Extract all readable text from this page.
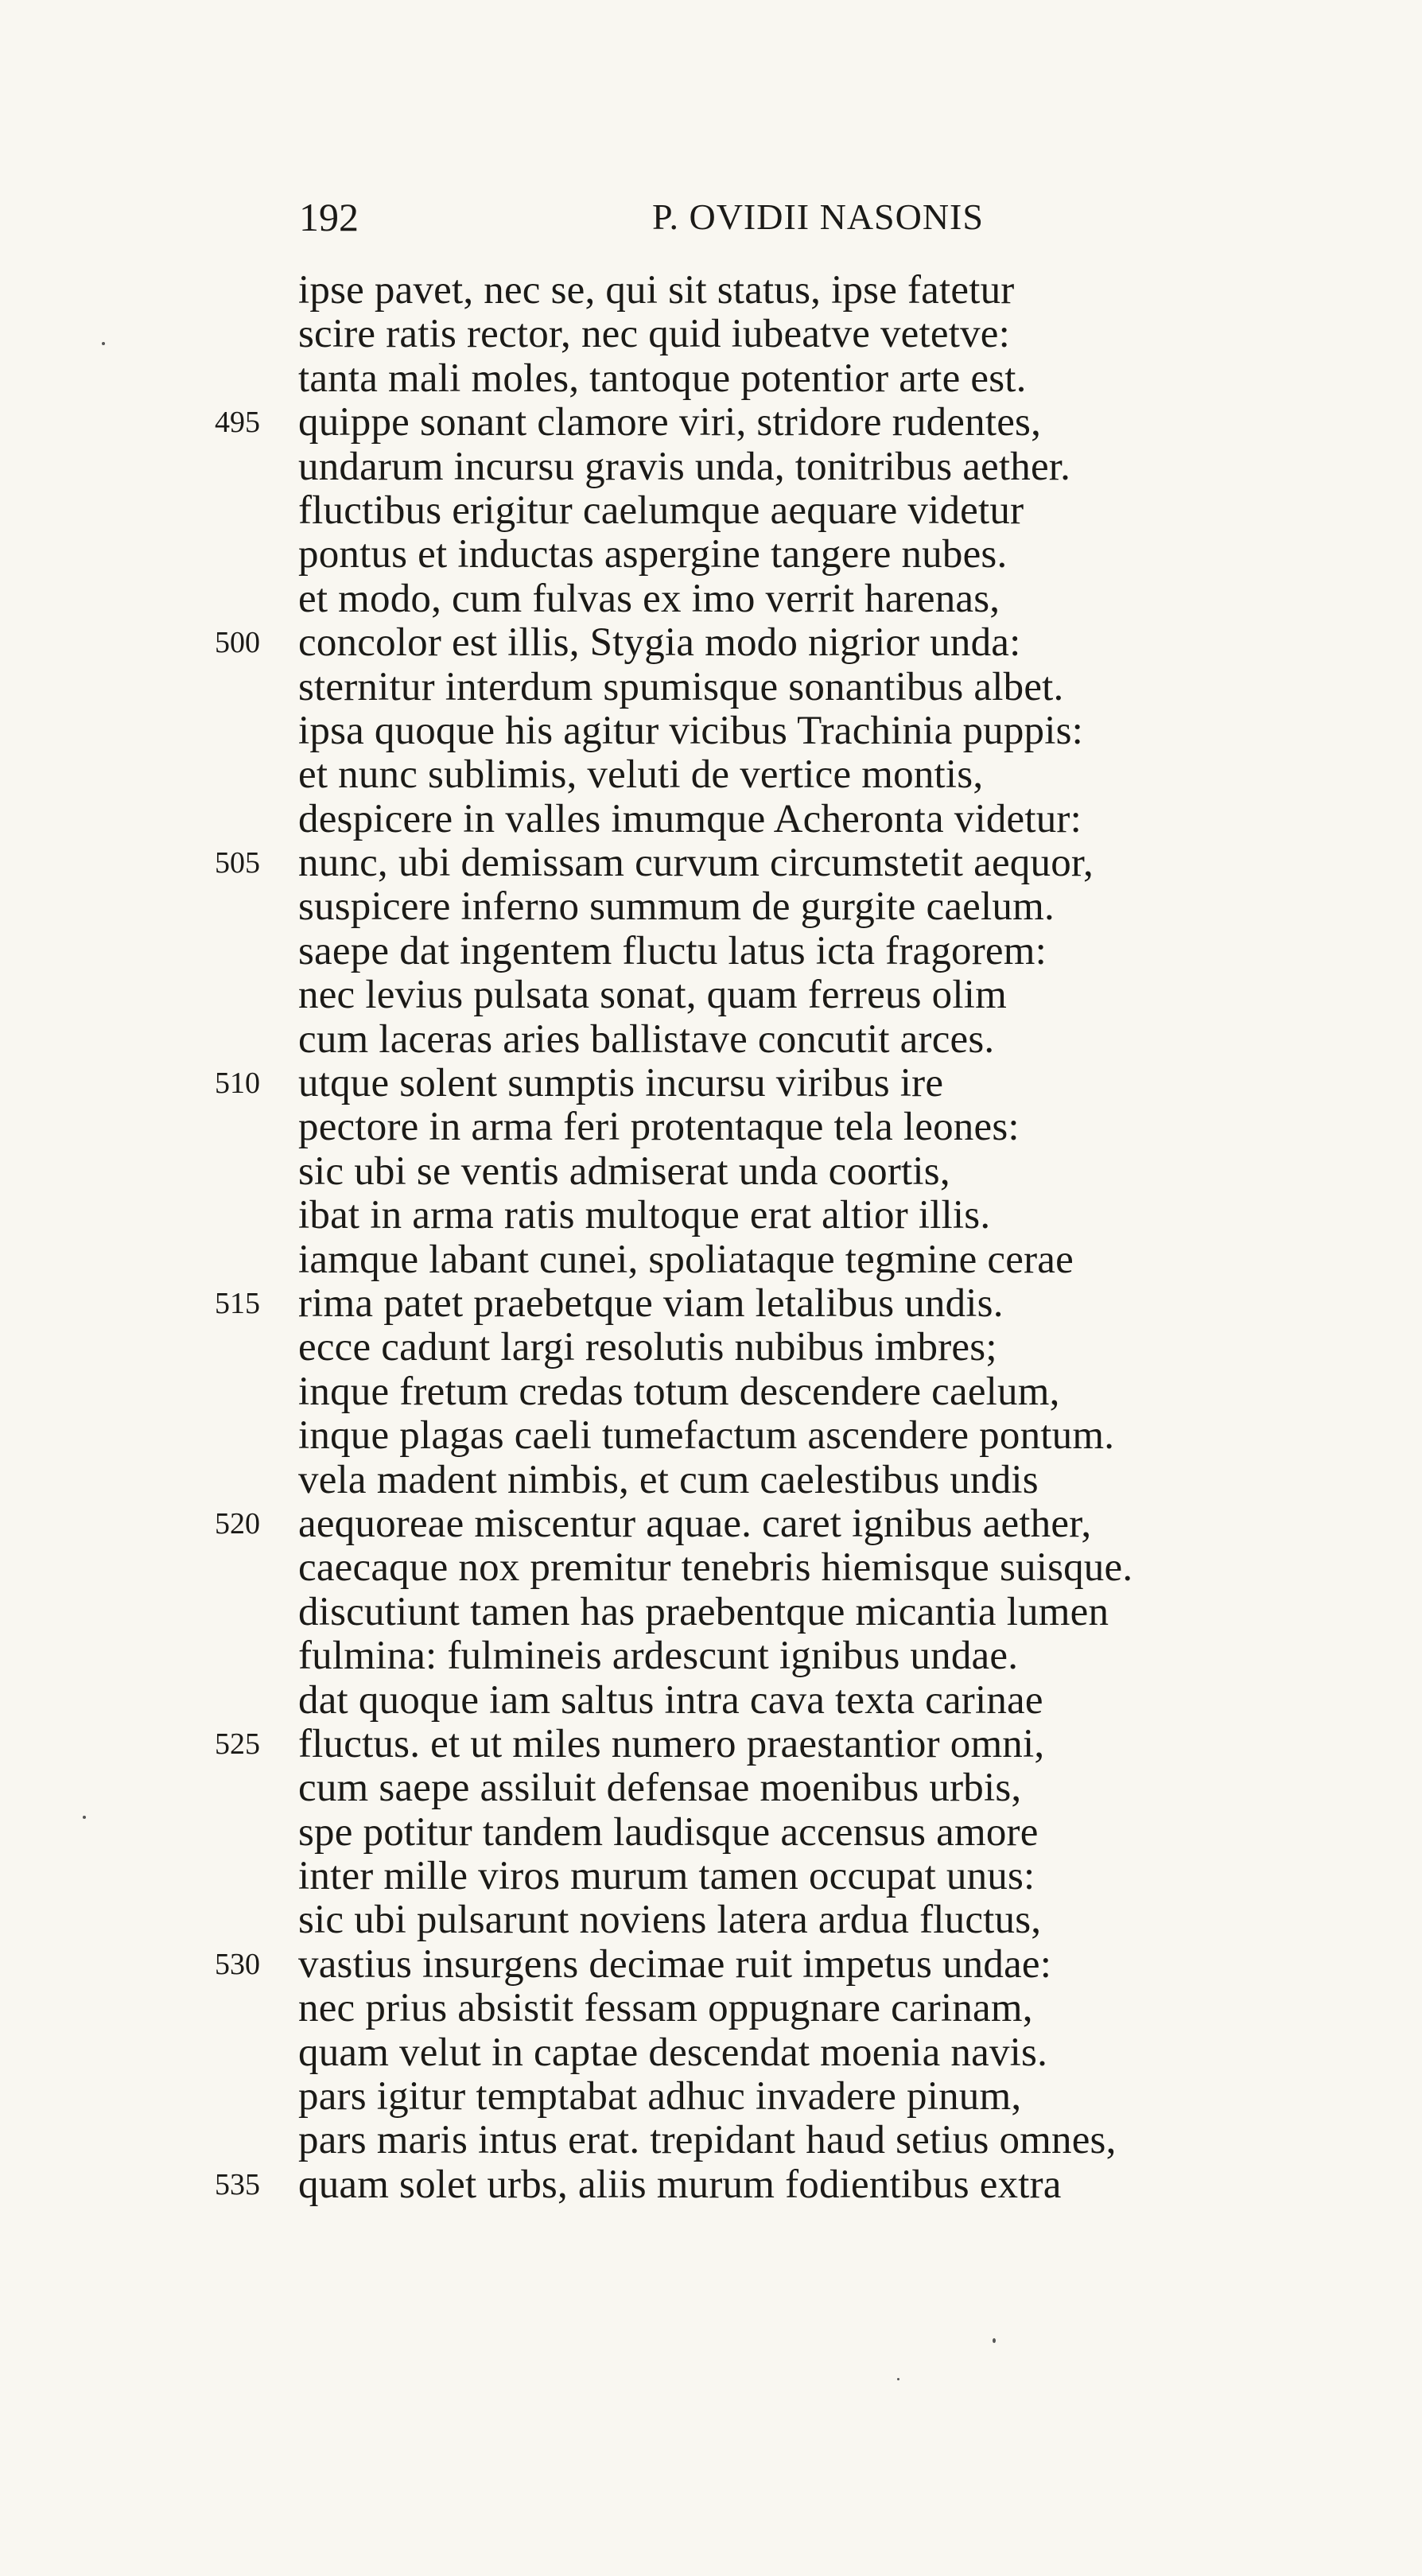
192	P. OVIDII NASONIS
ipse pavet, nec se, qui sit status, ipse fatetur
scire ratis rector, nec quid iubeatve vetetve:
tanta mali moles, tantoque potentior arte est.
495 quippe sonant clamore viri, stridore rudentes,
undarum incursu gravis unda, tonitribus aether.
fluctibus erigitur caelumque aequare videtur
pontus et inductas aspergine tangere nubes.
et modo, cum fulvas ex imo verrit harenas,
500 concolor est illis, Stygia modo nigrior unda:
sternitur interdum spumisque sonantibus albet.
ipsa quoque his agitur vicibus Trachinia puppis:
et nunc sublimis, veluti de vertice montis,
despicere in valles imumque Acheronta videtur:
505 nunc, ubi demissam curvum circumstetit aequor,
suspicere inferno summum de gurgite caelum.
saepe dat ingentem fluctu latus icta fragorem:
nec levius pulsata sonat, quam ferreus olim
cum laceras aries ballistave concutit arces.
510 utque solent sumptis incursu viribus ire
pectore in arma feri protentaque tela leones:
sic ubi se ventis admiserat unda coortis,
ibat in arma ratis multoque erat altior illis.
iamque labant cunei, spoliataque tegmine cerae
515 rima patet praebetque viam letalibus undis.
ecce cadunt largi resolutis nubibus imbres;
inque fretum credas totum descendere caelum,
inque plagas caeli tumefactum ascendere pontum.
vela madent nimbis, et cum caelestibus undis
520 aequoreae miscentur aquae. caret ignibus aether,
caecaque nox premitur tenebris hiemisque suisque.
discutiunt tamen has praebentque micantia lumen
fulmina: fulmineis ardescunt ignibus undae.
dat quoque iam saltus intra cava texta carinae
525 fluctus. et ut miles numero praestantior omni,
cum saepe assiluit defensae moenibus urbis,
spe potitur tandem laudisque accensus amore
inter mille viros murum tamen occupat unus:
sic ubi pulsarunt noviens latera ardua fluctus,
530 vastius insurgens decimae ruit impetus undae:
nec prius absistit fessam oppugnare carinam,
quam velut in captae descendat moenia navis.
pars igitur temptabat adhuc invadere pinum,
pars maris intus erat. trepidant haud setius omnes,
535 quam solet urbs, aliis murum fodientibus extra
